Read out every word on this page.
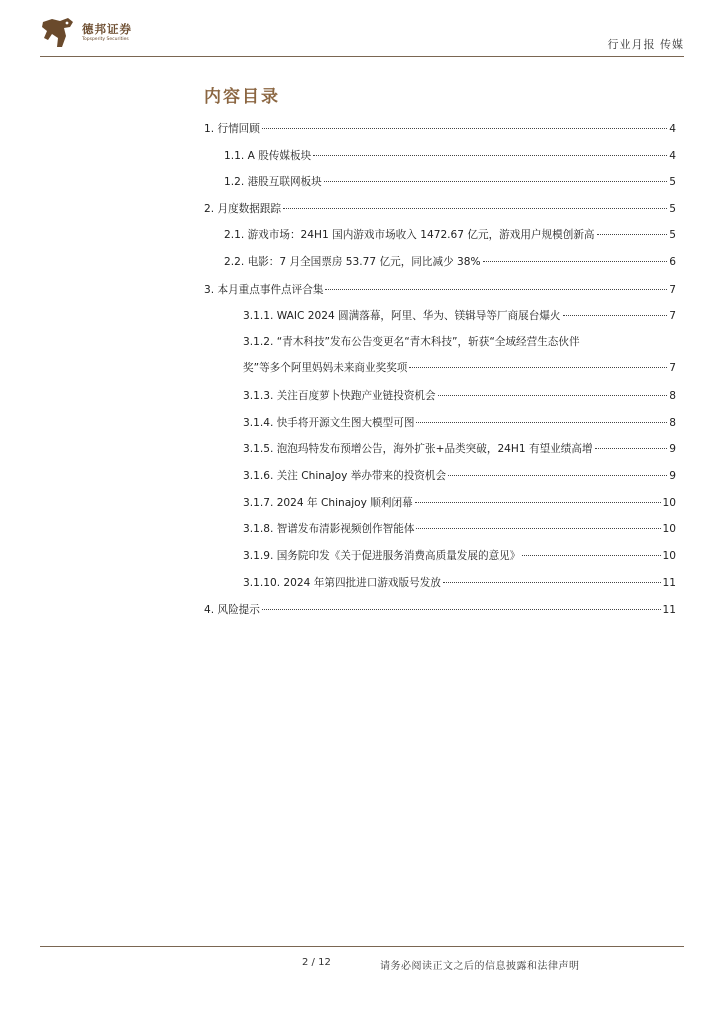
德邦证券
Topsperity Securities	行业月报 传媒
内容目录
1. 行情回顾	4
1.1. A 股传媒板块	4
1.2. 港股互联网板块	5
2. 月度数据跟踪	5
2.1. 游戏市场：24H1 国内游戏市场收入 1472.67 亿元，游戏用户规模创新高	5
2.2. 电影：7 月全国票房 53.77 亿元，同比减少 38%	6
3. 本月重点事件点评合集	7
3.1.1. WAIC 2024 圆满落幕，阿里、华为、镁辑导等厂商展台爆火	7
3.1.2. “青木科技”发布公告变更名“青木科技”，斩获“全域经营生态伙伴
奖”等多个阿里妈妈未来商业奖奖项	7
3.1.3. 关注百度萝卜快跑产业链投资机会	8
3.1.4. 快手将开源文生图大模型可图	8
3.1.5. 泡泡玛特发布预增公告，海外扩张+品类突破，24H1 有望业绩高增	9
3.1.6. 关注 ChinaJoy 举办带来的投资机会	9
3.1.7. 2024 年 Chinajoy 顺利闭幕	10
3.1.8. 智谱发布清影视频创作智能体	10
3.1.9. 国务院印发《关于促进服务消费高质量发展的意见》	10
3.1.10. 2024 年第四批进口游戏版号发放	11
4. 风险提示	11
2 / 12	请务必阅读正文之后的信息披露和法律声明
